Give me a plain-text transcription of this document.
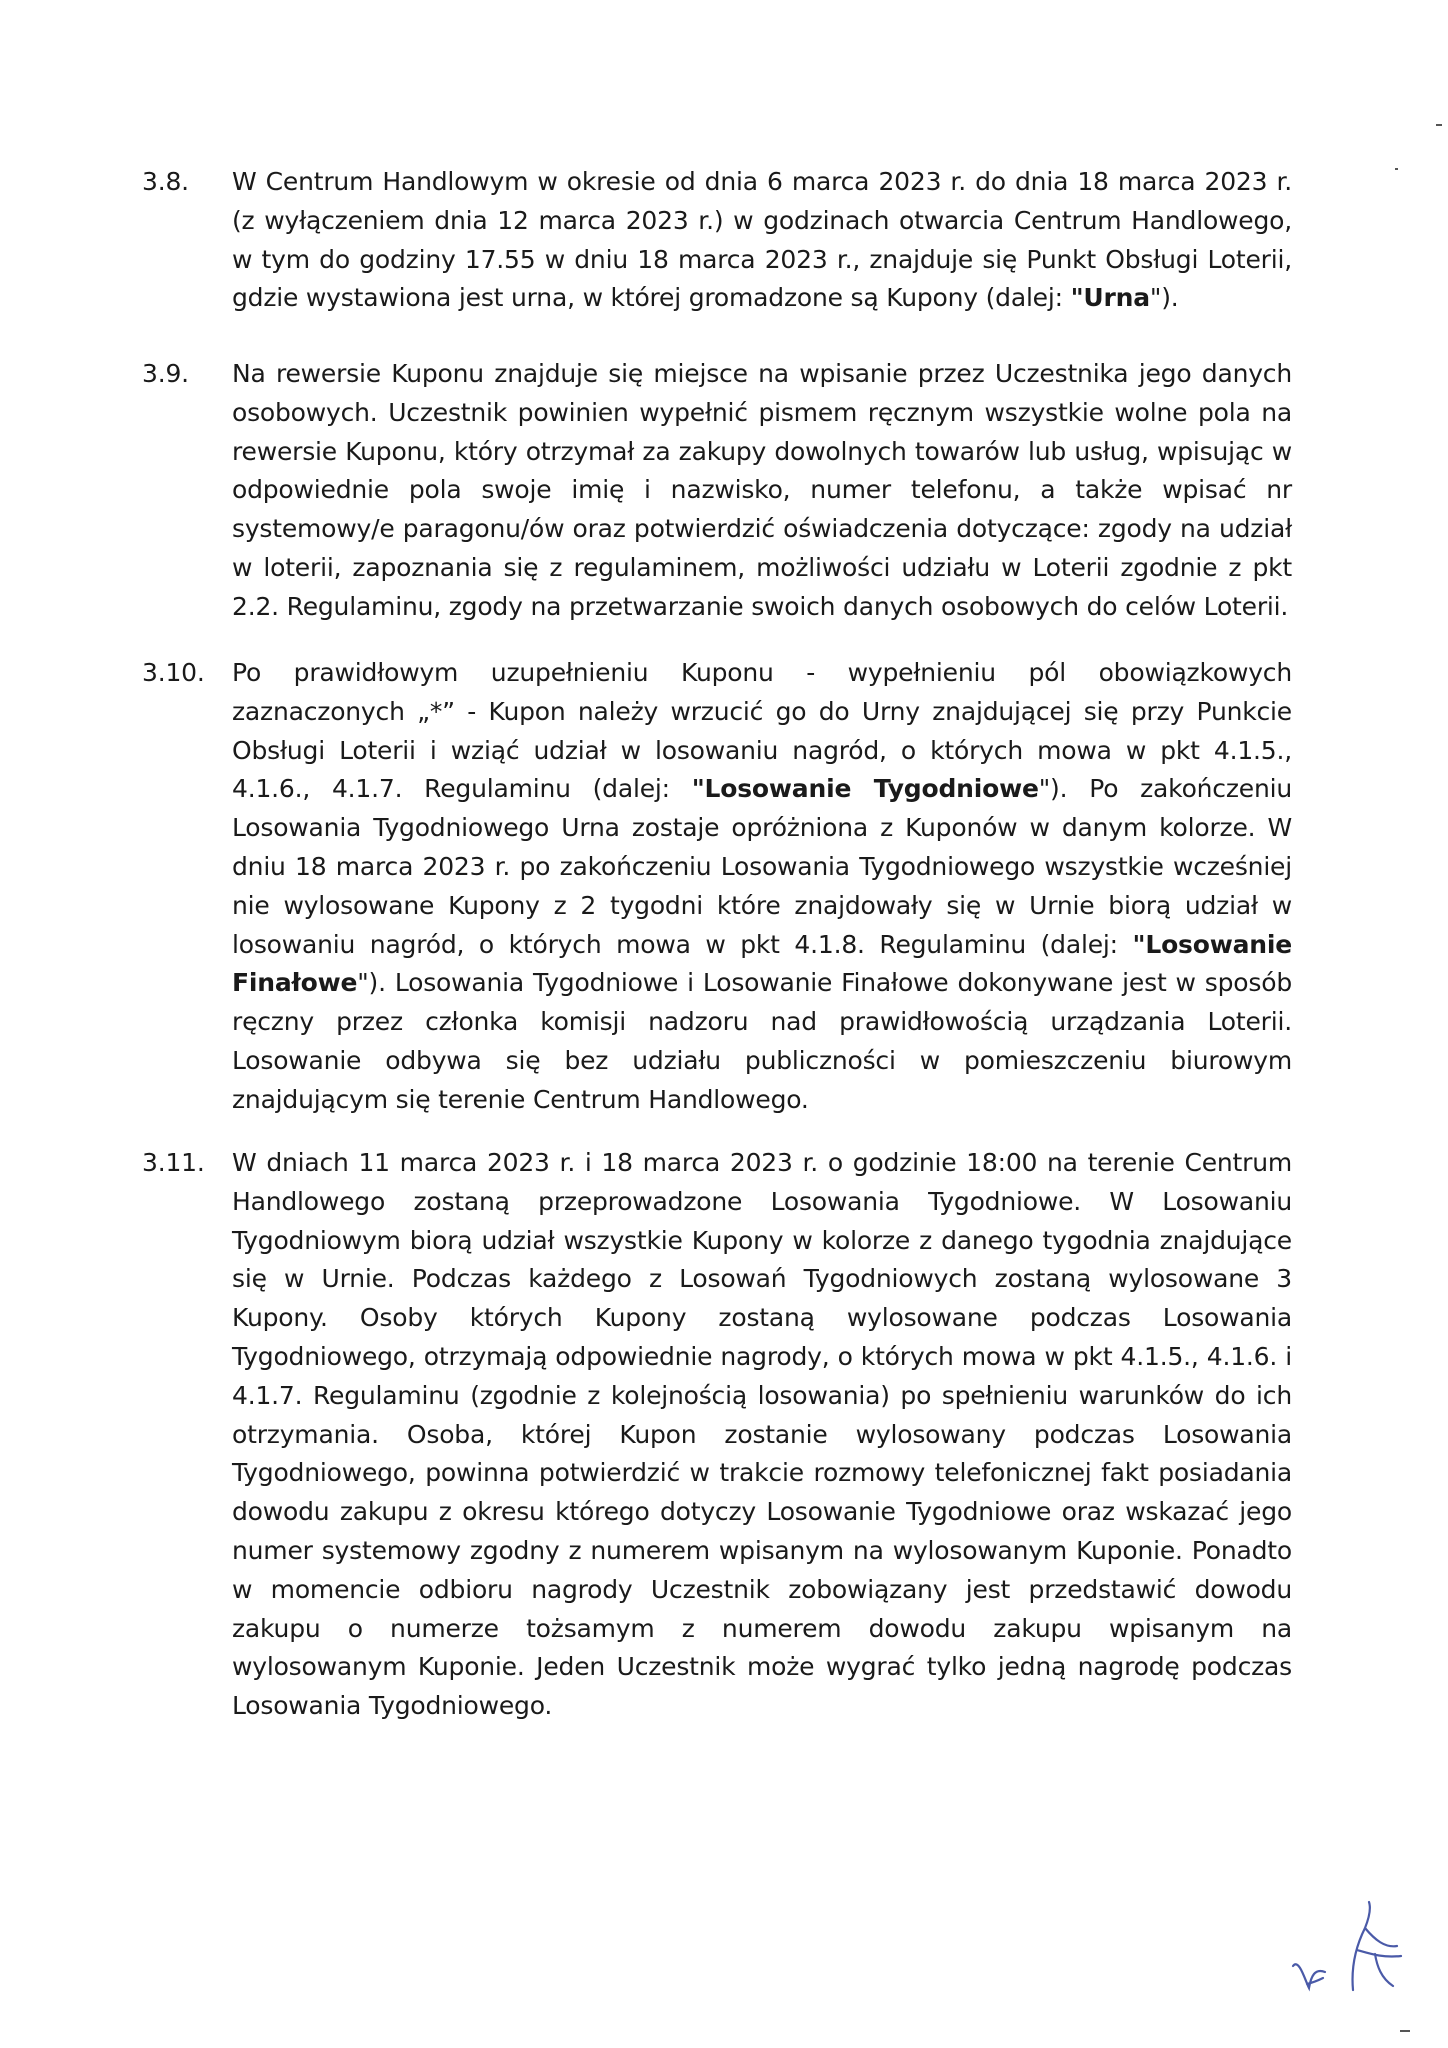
3.8.	W Centrum Handlowym w okresie od dnia 6 marca 2023 r. do dnia 18 marca 2023 r. (z wyłączeniem dnia 12 marca 2023 r.) w godzinach otwarcia Centrum Handlowego, w tym do godziny 17.55 w dniu 18 marca 2023 r., znajduje się Punkt Obsługi Loterii, gdzie wystawiona jest urna, w której gromadzone są Kupony (dalej: "Urna").
3.9.	Na rewersie Kuponu znajduje się miejsce na wpisanie przez Uczestnika jego danych osobowych. Uczestnik powinien wypełnić pismem ręcznym wszystkie wolne pola na rewersie Kuponu, który otrzymał za zakupy dowolnych towarów lub usług, wpisując w odpowiednie pola swoje imię i nazwisko, numer telefonu, a także wpisać nr systemowy/e paragonu/ów oraz potwierdzić oświadczenia dotyczące: zgody na udział w loterii, zapoznania się z regulaminem, możliwości udziału w Loterii zgodnie z pkt 2.2. Regulaminu, zgody na przetwarzanie swoich danych osobowych do celów Loterii.
3.10.	Po prawidłowym uzupełnieniu Kuponu - wypełnieniu pól obowiązkowych zaznaczonych „*” - Kupon należy wrzucić go do Urny znajdującej się przy Punkcie Obsługi Loterii i wziąć udział w losowaniu nagród, o których mowa w pkt 4.1.5., 4.1.6., 4.1.7. Regulaminu (dalej: "Losowanie Tygodniowe"). Po zakończeniu Losowania Tygodniowego Urna zostaje opróżniona z Kuponów w danym kolorze. W dniu 18 marca 2023 r. po zakończeniu Losowania Tygodniowego wszystkie wcześniej nie wylosowane Kupony z 2 tygodni które znajdowały się w Urnie biorą udział w losowaniu nagród, o których mowa w pkt 4.1.8. Regulaminu (dalej: "Losowanie Finałowe"). Losowania Tygodniowe i Losowanie Finałowe dokonywane jest w sposób ręczny przez członka komisji nadzoru nad prawidłowością urządzania Loterii. Losowanie odbywa się bez udziału publiczności w pomieszczeniu biurowym znajdującym się terenie Centrum Handlowego.
3.11.	W dniach 11 marca 2023 r. i 18 marca 2023 r. o godzinie 18:00 na terenie Centrum Handlowego zostaną przeprowadzone Losowania Tygodniowe. W Losowaniu Tygodniowym biorą udział wszystkie Kupony w kolorze z danego tygodnia znajdujące się w Urnie. Podczas każdego z Losowań Tygodniowych zostaną wylosowane 3 Kupony. Osoby których Kupony zostaną wylosowane podczas Losowania Tygodniowego, otrzymają odpowiednie nagrody, o których mowa w pkt 4.1.5., 4.1.6. i 4.1.7. Regulaminu (zgodnie z kolejnością losowania) po spełnieniu warunków do ich otrzymania. Osoba, której Kupon zostanie wylosowany podczas Losowania Tygodniowego, powinna potwierdzić w trakcie rozmowy telefonicznej fakt posiadania dowodu zakupu z okresu którego dotyczy Losowanie Tygodniowe oraz wskazać jego numer systemowy zgodny z numerem wpisanym na wylosowanym Kuponie. Ponadto w momencie odbioru nagrody Uczestnik zobowiązany jest przedstawić dowodu zakupu o numerze tożsamym z numerem dowodu zakupu wpisanym na wylosowanym Kuponie. Jeden Uczestnik może wygrać tylko jedną nagrodę podczas Losowania Tygodniowego.
